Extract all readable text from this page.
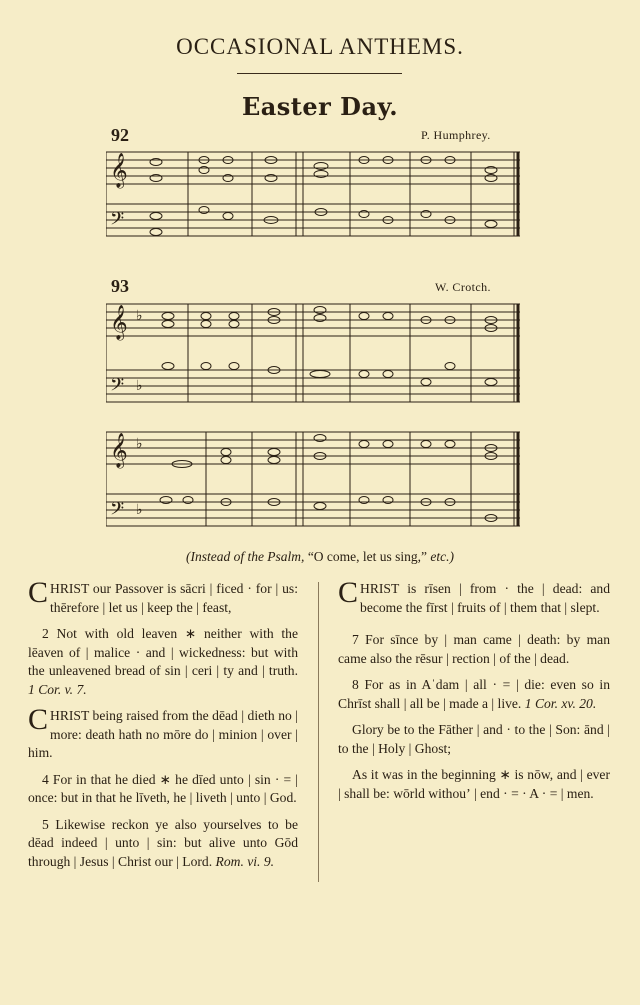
OCCASIONAL ANTHEMS.
Easter Day.
92	P. Humphrey.
𝄞
𝄢
93	W. Crotch.
𝄞 ♭
𝄢 ♭
𝄞 ♭
𝄢 ♭
(Instead of the Psalm, “O come, let us sing,” etc.)

CHRIST our Passover is sācri | ficed · for | us: thērefore | let us | keep the | feast,

2 Not with old leaven ∗ neither with the lēaven of | malice · and | wickedness: but with the unleavened bread of sin | ceri | ty and | truth. 1 Cor. v. 7.

CHRIST being raised from the dēad | dieth no | more: death hath no mōre do | minion | over | him.

4 For in that he died ∗ he dīed unto | sin · = | once: but in that he līveth, he | liveth | unto | God.

5 Likewise reckon ye also yourselves to be dēad indeed | unto | sin: but alive unto Gōd through | Jesus | Christ our | Lord. Rom. vi. 9.

CHRIST is rīsen | from · the | dead: and become the fīrst | fruits of | them that | slept.

7 For sīnce by | man came | death: by man came also the rēsur | rection | of the | dead.

8 For as in Aˈdam | all · = | die: even so in Chrīst shall | all be | made a | live. 1 Cor. xv. 20.

Glory be to the Fāther | and · to the | Son: ānd | to the | Holy | Ghost;

As it was in the beginning ∗ is nōw, and | ever | shall be: wōrld withouʼ | end · = · A · = | men.
